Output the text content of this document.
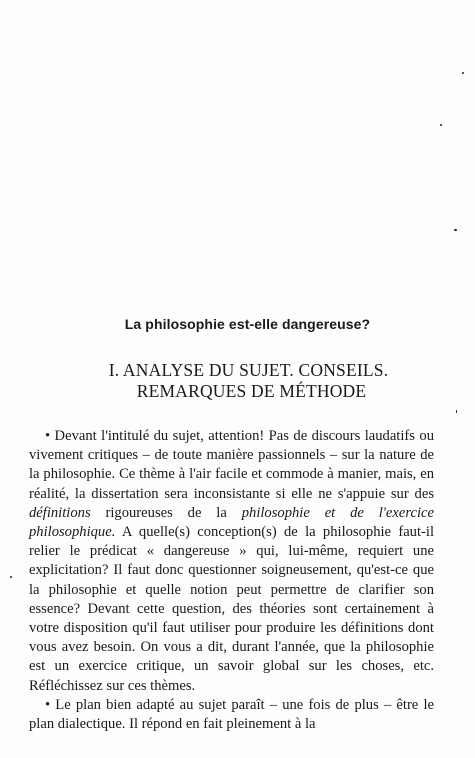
La philosophie est-elle dangereuse?
I. ANALYSE DU SUJET. CONSEILS.
REMARQUES DE MÉTHODE

• Devant l'intitulé du sujet, attention! Pas de discours laudatifs ou vivement critiques – de toute manière passionnels – sur la nature de la philosophie. Ce thème à l'air facile et commode à manier, mais, en réalité, la dissertation sera inconsistante si elle ne s'appuie sur des définitions rigoureuses de la philosophie et de l'exercice philosophique. A quelle(s) conception(s) de la philosophie faut-il relier le prédicat « dangereuse » qui, lui-même, requiert une explicitation? Il faut donc questionner soigneusement, qu'est-ce que la philosophie et quelle notion peut permettre de clarifier son essence? Devant cette question, des théories sont certainement à votre disposition qu'il faut utiliser pour produire les définitions dont vous avez besoin. On vous a dit, durant l'année, que la philosophie est un exercice critique, un savoir global sur les choses, etc. Réfléchissez sur ces thèmes.

• Le plan bien adapté au sujet paraît – une fois de plus – être le plan dialectique. Il répond en fait pleinement à la
